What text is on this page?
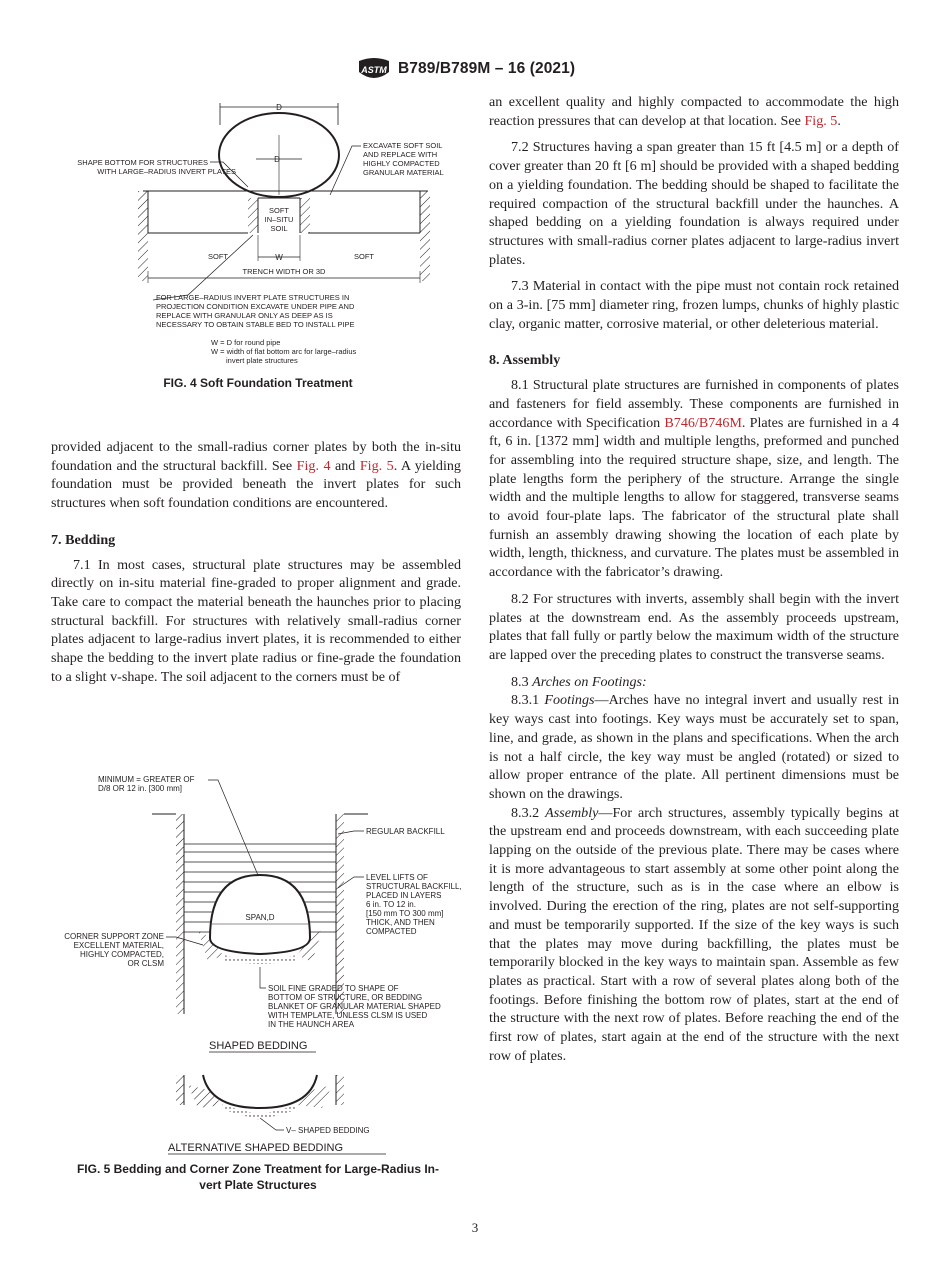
ASTM B789/B789M – 16 (2021)
D
D
SOFT
IN–SITU
SOIL
W
SOFT	SOFT
TRENCH WIDTH OR 3D
SHAPE BOTTOM FOR STRUCTURES
WITH LARGE–RADIUS INVERT PLATES
EXCAVATE SOFT SOIL
AND REPLACE WITH
HIGHLY COMPACTED
GRANULAR MATERIAL
FOR LARGE–RADIUS INVERT PLATE STRUCTURES IN
PROJECTION CONDITION EXCAVATE UNDER PIPE AND
REPLACE WITH GRANULAR ONLY AS DEEP AS IS
NECESSARY TO OBTAIN STABLE BED TO INSTALL PIPE
W = D for round pipe
W = width of flat bottom arc for large–radius
invert plate structures
FIG. 4 Soft Foundation Treatment

provided adjacent to the small-radius corner plates by both the in-situ foundation and the structural backfill. See Fig. 4 and Fig. 5. A yielding foundation must be provided beneath the invert plates for such structures when soft foundation conditions are encountered.

7. Bedding

7.1 In most cases, structural plate structures may be assembled directly on in-situ material fine-graded to proper alignment and grade. Take care to compact the material beneath the haunches prior to placing structural backfill. For structures with relatively small-radius corner plates adjacent to large-radius invert plates, it is recommended to either shape the bedding to the invert plate radius or fine-grade the foundation to a slight v-shape. The soil adjacent to the corners must be of

MINIMUM = GREATER OF
D/8 OR 12 in. [300 mm]
SPAN,D
REGULAR BACKFILL
LEVEL LIFTS OF
STRUCTURAL BACKFILL,
PLACED IN LAYERS
6 in. TO 12 in.
[150 mm TO 300 mm]
THICK, AND THEN
COMPACTED
CORNER SUPPORT ZONE
EXCELLENT MATERIAL,
HIGHLY COMPACTED,
OR CLSM
SOIL FINE GRADED TO SHAPE OF
BOTTOM OF STRUCTURE, OR BEDDING
BLANKET OF GRANULAR MATERIAL SHAPED
WITH TEMPLATE, UNLESS CLSM IS USED
IN THE HAUNCH AREA
SHAPED BEDDING
V– SHAPED BEDDING
ALTERNATIVE SHAPED BEDDING
FIG. 5 Bedding and Corner Zone Treatment for Large-Radius In-
vert Plate Structures

an excellent quality and highly compacted to accommodate the high reaction pressures that can develop at that location. See Fig. 5.

7.2 Structures having a span greater than 15 ft [4.5 m] or a depth of cover greater than 20 ft [6 m] should be provided with a shaped bedding on a yielding foundation. The bedding should be shaped to facilitate the required compaction of the structural backfill under the haunches. A shaped bedding on a yielding foundation is always required under structures with small-radius corner plates adjacent to large-radius invert plates.

7.3 Material in contact with the pipe must not contain rock retained on a 3-in. [75 mm] diameter ring, frozen lumps, chunks of highly plastic clay, organic matter, corrosive material, or other deleterious material.

8. Assembly

8.1 Structural plate structures are furnished in components of plates and fasteners for field assembly. These components are furnished in accordance with Specification B746/B746M. Plates are furnished in a 4 ft, 6 in. [1372 mm] width and multiple lengths, preformed and punched for assembling into the required structure shape, size, and length. The plate lengths form the periphery of the structure. Arrange the single width and the multiple lengths to allow for staggered, transverse seams to avoid four-plate laps. The fabricator of the structural plate shall furnish an assembly drawing showing the location of each plate by width, length, thickness, and curvature. The plates must be assembled in accordance with the fabricator’s drawing.

8.2 For structures with inverts, assembly shall begin with the invert plates at the downstream end. As the assembly proceeds upstream, plates that fall fully or partly below the maximum width of the structure are lapped over the preceding plates to construct the transverse seams.

8.3 Arches on Footings:

8.3.1 Footings—Arches have no integral invert and usually rest in key ways cast into footings. Key ways must be accurately set to span, line, and grade, as shown in the plans and specifications. When the arch is not a half circle, the key way must be angled (rotated) or sized to allow proper entrance of the plate. All pertinent dimensions must be shown on the drawings.

8.3.2 Assembly—For arch structures, assembly typically begins at the upstream end and proceeds downstream, with each succeeding plate lapping on the outside of the previous plate. There may be cases where it is more advantageous to start assembly at some other point along the length of the structure, such as is in the case where an elbow is involved. During the erection of the ring, plates are not self-supporting and must be temporarily supported. If the size of the key ways is such that the plates may move during backfilling, the plates must be temporarily blocked in the key ways to maintain span. Assemble as few plates as practical. Start with a row of several plates along both of the footings. Before finishing the bottom row of plates, start at the end of the structure with the next row of plates. Before reaching the end of the first row of plates, start again at the end of the structure with the next row of plates.

3
